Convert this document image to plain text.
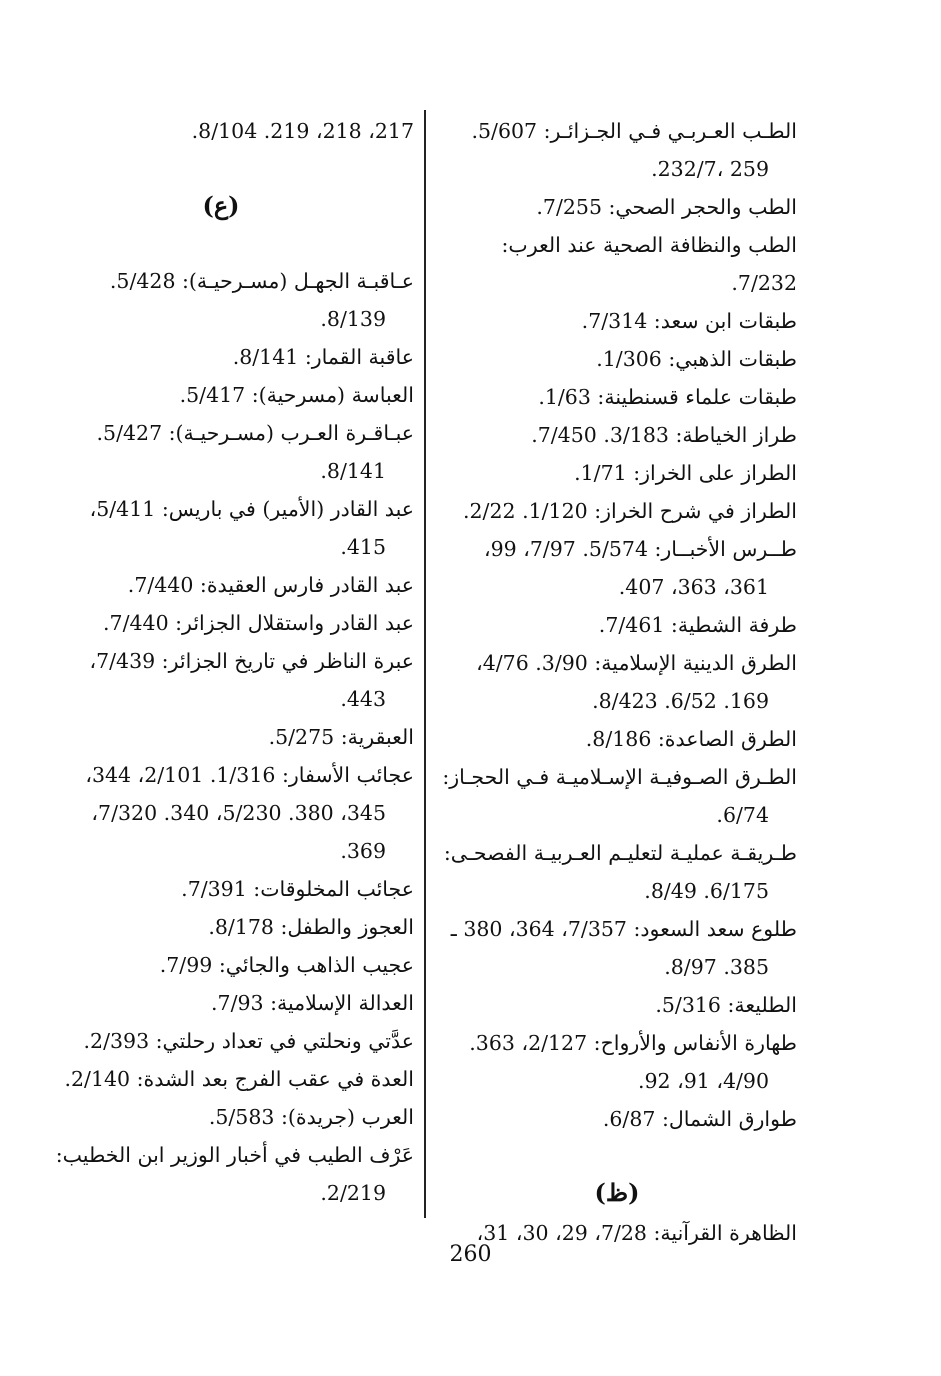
الطـب العـربـي فـي الجـزائـر: 5/607.
259 ،232/7.

الطب والحجر الصحي: 7/255.

الطب والنظافة الصحية عند العرب: 7/232.

طبقات ابن سعد: 7/314.

طبقات الذهبي: 1/306.

طبقات علماء قسنطينة: 1/63.

طراز الخياطة: 3/183. 7/450.

الطراز على الخراز: 1/71.

الطراز في شرح الخراز: 1/120. 2/22.

طــرس الأخبــار: 5/574. 7/97، 99،
361، 363، 407.

طرفة الشطية: 7/461.

الطرق الدينية الإسلامية: 3/90. 4/76،
169. 6/52. 8/423.

الطرق الصاعدة: 8/186.

الطـرق الصـوفيـة الإسـلاميـة فـي الحجـاز:
6/74.

طـريقـة عمليـة لتعليـم العـربيـة الفصحـى:
6/175. 8/49.

طلوع سعد السعود: 7/357، 364، 380 ـ
385. 8/97.

الطليعة: 5/316.

طهارة الأنفاس والأرواح: 2/127، 363.
4/90، 91، 92.

طوارق الشمال: 6/87.

(ظ)

الظاهرة القرآنية: 7/28، 29، 30، 31،

217، 218، 219. 8/104.

(ع)

عـاقبـة الجهـل (مسـرحيـة): 5/428.
8/139.

عاقبة القمار: 8/141.

العباسة (مسرحية): 5/417.

عبـاقـرة العـرب (مسـرحيـة): 5/427.
8/141.

عبد القادر (الأمير) في باريس: 5/411،
415.

عبد القادر فارس العقيدة: 7/440.

عبد القادر واستقلال الجزائر: 7/440.

عبرة الناظر في تاريخ الجزائر: 7/439،
443.

العبقرية: 5/275.

عجائب الأسفار: 1/316. 2/101، 344،
345، 380. 5/230، 340. 7/320،
369.

عجائب المخلوقات: 7/391.

العجوز والطفل: 8/178.

عجيب الذاهب والجائي: 7/99.

العدالة الإسلامية: 7/93.

عدَّتي ونحلتي في تعداد رحلتي: 2/393.

العدة في عقب الفرج بعد الشدة: 2/140.

العرب (جريدة): 5/583.

عَرْف الطيب في أخبار الوزير ابن الخطيب:
2/219.

260
